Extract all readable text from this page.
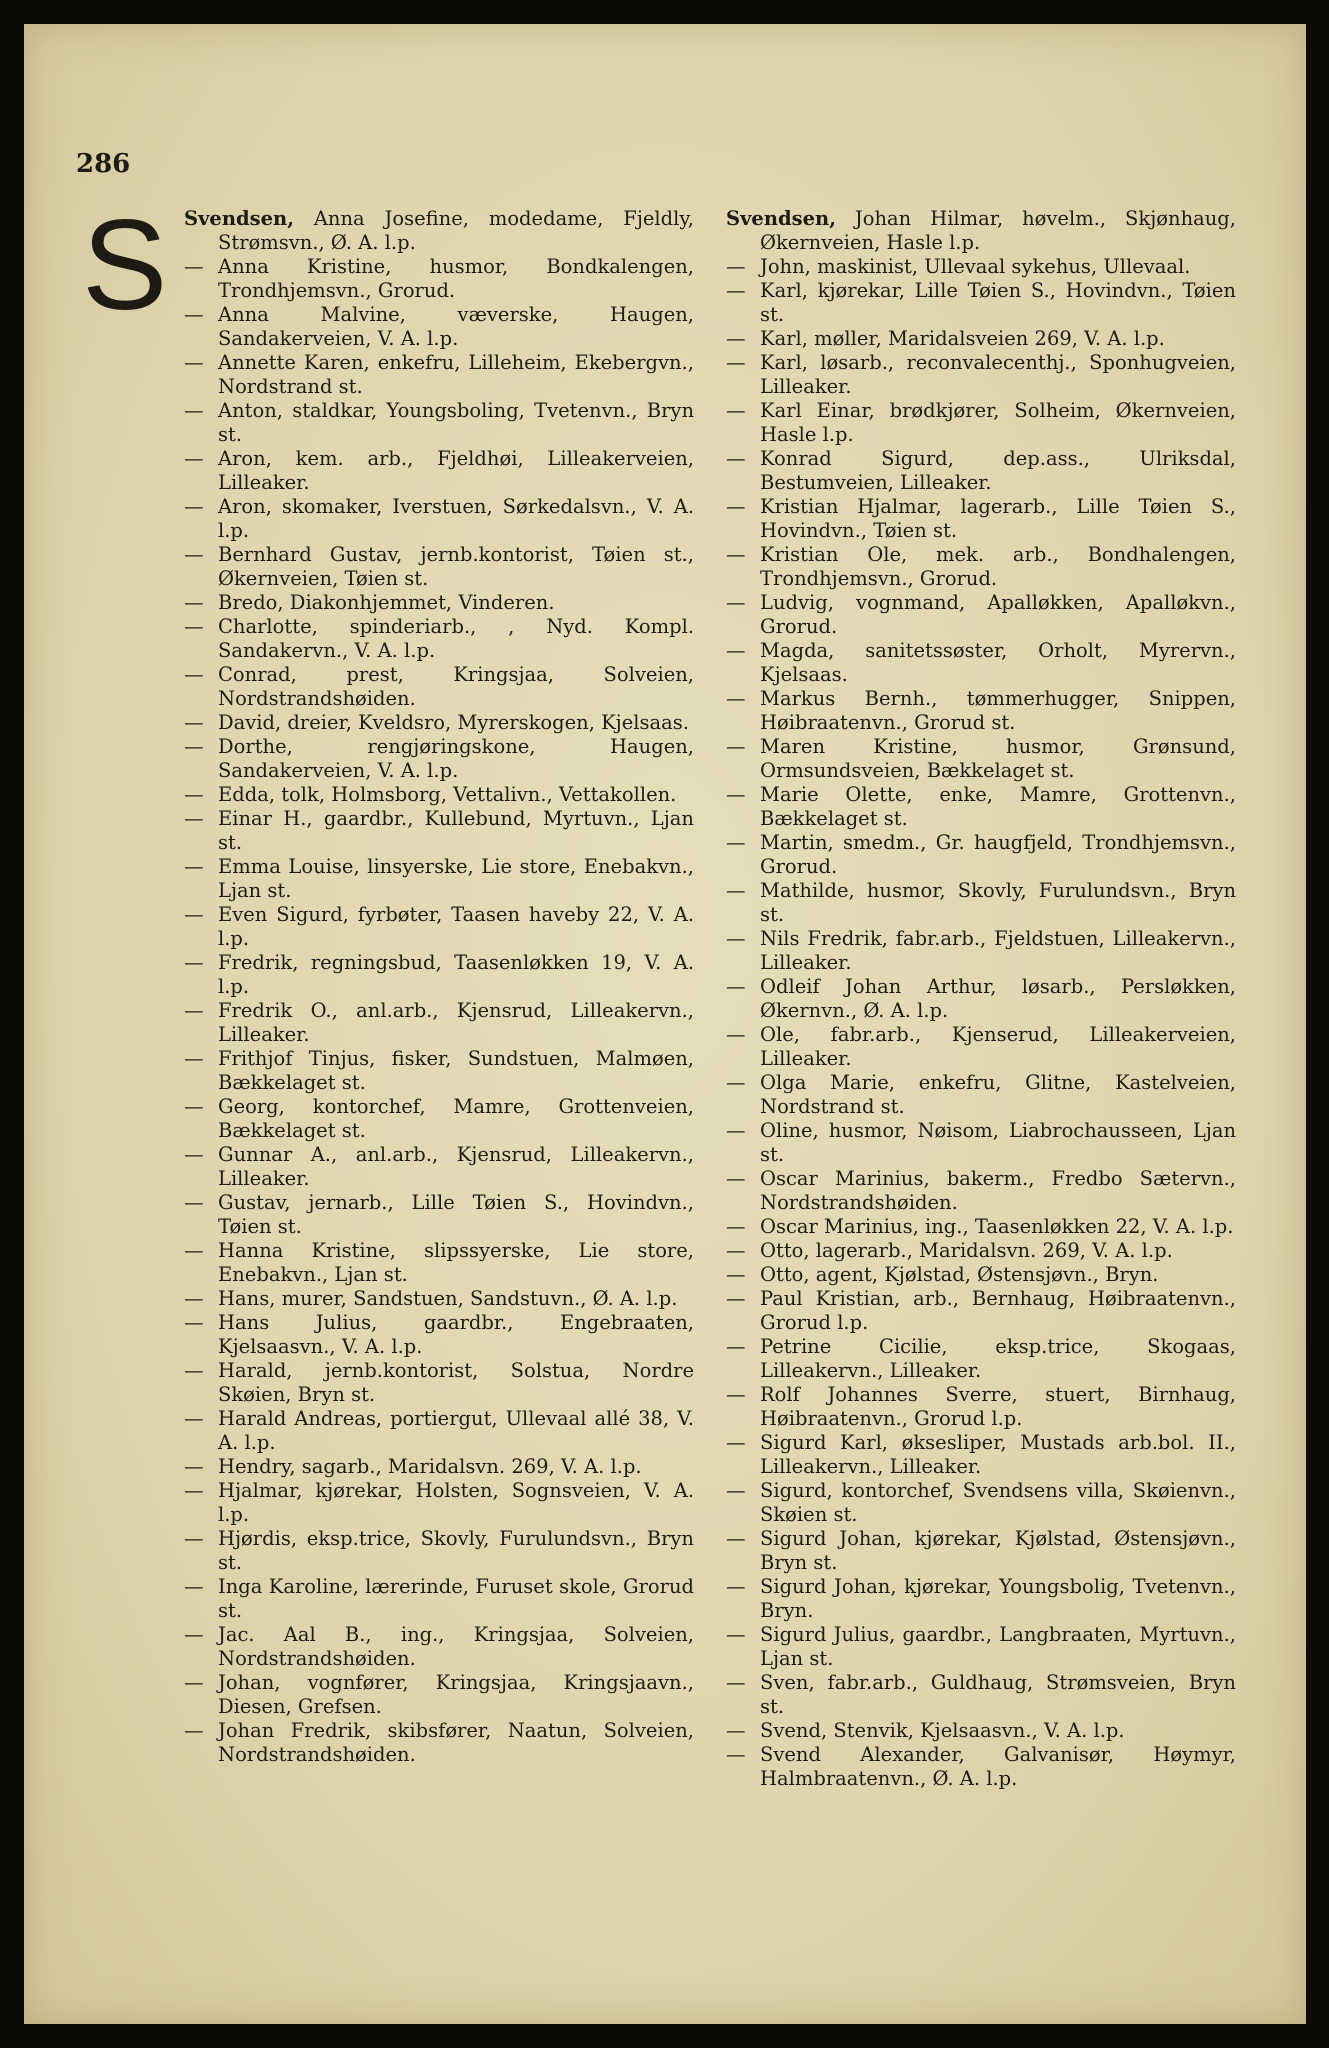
286
S Svendsen, Anna Josefine, modedame, Fjeldly, Strømsvn., Ø. A. l.p.
— Anna Kristine, husmor, Bondkalengen, Trondhjemsvn., Grorud.
— Anna Malvine, væverske, Haugen, Sandakerveien, V. A. l.p.
— Annette Karen, enkefru, Lilleheim, Ekebergvn., Nordstrand st.
— Anton, staldkar, Youngsboling, Tvetenvn., Bryn st.
— Aron, kem. arb., Fjeldhøi, Lilleakerveien, Lilleaker.
— Aron, skomaker, Iverstuen, Sørkedalsvn., V. A. l.p.
— Bernhard Gustav, jernb.kontorist, Tøien st., Økernveien, Tøien st.
— Bredo, Diakonhjemmet, Vinderen.
— Charlotte, spinderiarb., , Nyd. Kompl. Sandakervn., V. A. l.p.
— Conrad, prest, Kringsjaa, Solveien, Nordstrandshøiden.
— David, dreier, Kveldsro, Myrerskogen, Kjelsaas.
— Dorthe, rengjøringskone, Haugen, Sandakerveien, V. A. l.p.
— Edda, tolk, Holmsborg, Vettalivn., Vettakollen.
— Einar H., gaardbr., Kullebund, Myrtuvn., Ljan st.
— Emma Louise, linsyerske, Lie store, Enebakvn., Ljan st.
— Even Sigurd, fyrbøter, Taasen haveby 22, V. A. l.p.
— Fredrik, regningsbud, Taasenløkken 19, V. A. l.p.
— Fredrik O., anl.arb., Kjensrud, Lilleakervn., Lilleaker.
— Frithjof Tinjus, fisker, Sundstuen, Malmøen, Bækkelaget st.
— Georg, kontorchef, Mamre, Grottenveien, Bækkelaget st.
— Gunnar A., anl.arb., Kjensrud, Lilleakervn., Lilleaker.
— Gustav, jernarb., Lille Tøien S., Hovindvn., Tøien st.
— Hanna Kristine, slipssyerske, Lie store, Enebakvn., Ljan st.
— Hans, murer, Sandstuen, Sandstuvn., Ø. A. l.p.
— Hans Julius, gaardbr., Engebraaten, Kjelsaasvn., V. A. l.p.
— Harald, jernb.kontorist, Solstua, Nordre Skøien, Bryn st.
— Harald Andreas, portiergut, Ullevaal allé 38, V. A. l.p.
— Hendry, sagarb., Maridalsvn. 269, V. A. l.p.
— Hjalmar, kjørekar, Holsten, Sognsveien, V. A. l.p.
— Hjørdis, eksp.trice, Skovly, Furulundsvn., Bryn st.
— Inga Karoline, lærerinde, Furuset skole, Grorud st.
— Jac. Aal B., ing., Kringsjaa, Solveien, Nordstrandshøiden.
— Johan, vognfører, Kringsjaa, Kringsjaavn., Diesen, Grefsen.
— Johan Fredrik, skibsfører, Naatun, Solveien, Nordstrandshøiden.
Svendsen, Johan Hilmar, høvelm., Skjønhaug, Økernveien, Hasle l.p.
— John, maskinist, Ullevaal sykehus, Ullevaal.
— Karl, kjørekar, Lille Tøien S., Hovindvn., Tøien st.
— Karl, møller, Maridalsveien 269, V. A. l.p.
— Karl, løsarb., reconvalecenthj., Sponhugveien, Lilleaker.
— Karl Einar, brødkjører, Solheim, Økernveien, Hasle l.p.
— Konrad Sigurd, dep.ass., Ulriksdal, Bestumveien, Lilleaker.
— Kristian Hjalmar, lagerarb., Lille Tøien S., Hovindvn., Tøien st.
— Kristian Ole, mek. arb., Bondhalengen, Trondhjemsvn., Grorud.
— Ludvig, vognmand, Apalløkken, Apalløkvn., Grorud.
— Magda, sanitetssøster, Orholt, Myrervn., Kjelsaas.
— Markus Bernh., tømmerhugger, Snippen, Høibraatenvn., Grorud st.
— Maren Kristine, husmor, Grønsund, Ormsundsveien, Bækkelaget st.
— Marie Olette, enke, Mamre, Grottenvn., Bækkelaget st.
— Martin, smedm., Gr. haugfjeld, Trondhjemsvn., Grorud.
— Mathilde, husmor, Skovly, Furulundsvn., Bryn st.
— Nils Fredrik, fabr.arb., Fjeldstuen, Lilleakervn., Lilleaker.
— Odleif Johan Arthur, løsarb., Persløkken, Økernvn., Ø. A. l.p.
— Ole, fabr.arb., Kjenserud, Lilleakerveien, Lilleaker.
— Olga Marie, enkefru, Glitne, Kastelveien, Nordstrand st.
— Oline, husmor, Nøisom, Liabrochausseen, Ljan st.
— Oscar Marinius, bakerm., Fredbo Sætervn., Nordstrandshøiden.
— Oscar Marinius, ing., Taasenløkken 22, V. A. l.p.
— Otto, lagerarb., Maridalsvn. 269, V. A. l.p.
— Otto, agent, Kjølstad, Østensjøvn., Bryn.
— Paul Kristian, arb., Bernhaug, Høibraatenvn., Grorud l.p.
— Petrine Cicilie, eksp.trice, Skogaas, Lilleakervn., Lilleaker.
— Rolf Johannes Sverre, stuert, Birnhaug, Høibraatenvn., Grorud l.p.
— Sigurd Karl, økseslipеr, Mustads arb.bol. II., Lilleakervn., Lilleaker.
— Sigurd, kontorchef, Svendsens villa, Skøienvn., Skøien st.
— Sigurd Johan, kjørekar, Kjølstad, Østensjøvn., Bryn st.
— Sigurd Johan, kjørekar, Youngsbolig, Tvetenvn., Bryn.
— Sigurd Julius, gaardbr., Langbraaten, Myrtuvn., Ljan st.
— Sven, fabr.arb., Guldhaug, Strømsveien, Bryn st.
— Svend, Stenvik, Kjelsaasvn., V. A. l.p.
— Svend Alexander, Galvanisør, Høymyr, Halmbraatenvn., Ø. A. l.p.
